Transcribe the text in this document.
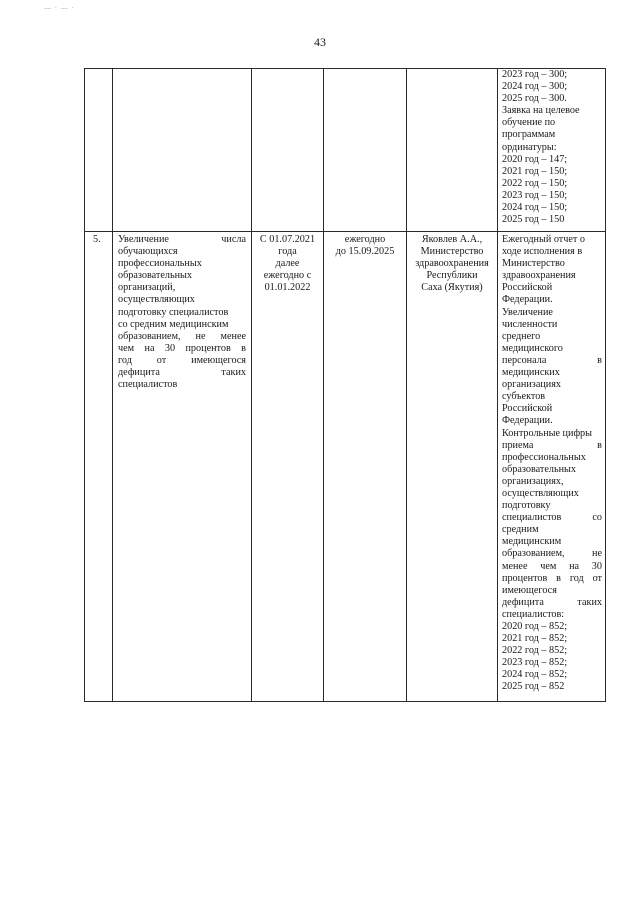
— · — ·
43
2023 год – 300;
2024 год – 300;
2025 год – 300.
Заявка на целевое
обучение по
программам
ординатуры:
2020 год – 147;
2021 год – 150;
2022 год – 150;
2023 год – 150;
2024 год – 150;
2025 год – 150
5.	Увеличение числа
обучающихся
профессиональных
образовательных
организаций,
осуществляющих
подготовку специалистов
со средним медицинским
образованием, не менее
чем на 30 процентов в
год от имеющегося
дефицита таких
специалистов
С 01.07.2021
года
далее
ежегодно с
01.01.2022
ежегодно
до 15.09.2025
Яковлев А.А.,
Министерство
здравоохранения
Республики
Саха (Якутия)
Ежегодный отчет о
ходе исполнения в
Министерство
здравоохранения
Российской
Федерации.
Увеличение
численности
среднего
медицинского
персонала в
медицинских
организациях
субъектов
Российской
Федерации.
Контрольные цифры
приема в
профессиональных
образовательных
организациях,
осуществляющих
подготовку
специалистов со
средним
медицинским
образованием, не
менее чем на 30
процентов в год от
имеющегося
дефицита таких
специалистов:
2020 год – 852;
2021 год – 852;
2022 год – 852;
2023 год – 852;
2024 год – 852;
2025 год – 852
